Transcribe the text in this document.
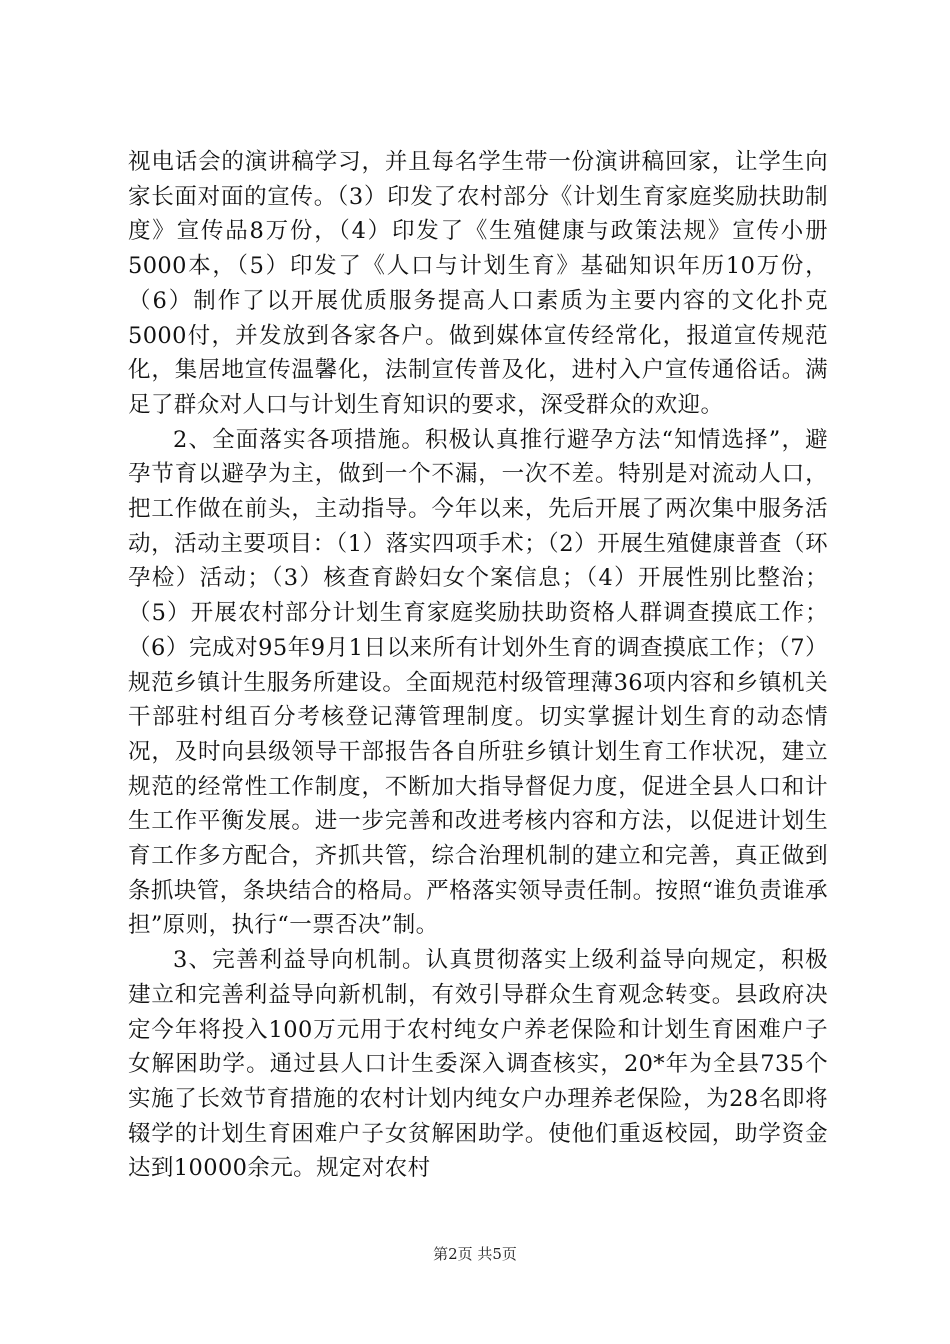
视电话会的演讲稿学习，并且每名学生带一份演讲稿回家，让学生向家长面对面的宣传。（3）印发了农村部分《计划生育家庭奖励扶助制度》宣传品8万份，（4）印发了《生殖健康与政策法规》宣传小册5000本，（5）印发了《人口与计划生育》基础知识年历10万份，（6）制作了以开展优质服务提高人口素质为主要内容的文化扑克5000付，并发放到各家各户。做到媒体宣传经常化，报道宣传规范化，集居地宣传温馨化，法制宣传普及化，进村入户宣传通俗话。满足了群众对人口与计划生育知识的要求，深受群众的欢迎。

2、全面落实各项措施。积极认真推行避孕方法“知情选择”，避孕节育以避孕为主，做到一个不漏，一次不差。特别是对流动人口，把工作做在前头，主动指导。今年以来，先后开展了两次集中服务活动，活动主要项目：（1）落实四项手术；（2）开展生殖健康普查（环孕检）活动；（3）核查育龄妇女个案信息；（4）开展性别比整治；（5）开展农村部分计划生育家庭奖励扶助资格人群调查摸底工作；（6）完成对95年9月1日以来所有计划外生育的调查摸底工作；（7）规范乡镇计生服务所建设。全面规范村级管理薄36项内容和乡镇机关干部驻村组百分考核登记薄管理制度。切实掌握计划生育的动态情况，及时向县级领导干部报告各自所驻乡镇计划生育工作状况，建立规范的经常性工作制度，不断加大指导督促力度，促进全县人口和计生工作平衡发展。进一步完善和改进考核内容和方法，以促进计划生育工作多方配合，齐抓共管，综合治理机制的建立和完善，真正做到条抓块管，条块结合的格局。严格落实领导责任制。按照“谁负责谁承担”原则，执行“一票否决”制。

3、完善利益导向机制。认真贯彻落实上级利益导向规定，积极建立和完善利益导向新机制，有效引导群众生育观念转变。县政府决定今年将投入100万元用于农村纯女户养老保险和计划生育困难户子女解困助学。通过县人口计生委深入调查核实，20*年为全县735个实施了长效节育措施的农村计划内纯女户办理养老保险，为28名即将辍学的计划生育困难户子女贫解困助学。使他们重返校园，助学资金达到10000余元。规定对农村

第2页 共5页
